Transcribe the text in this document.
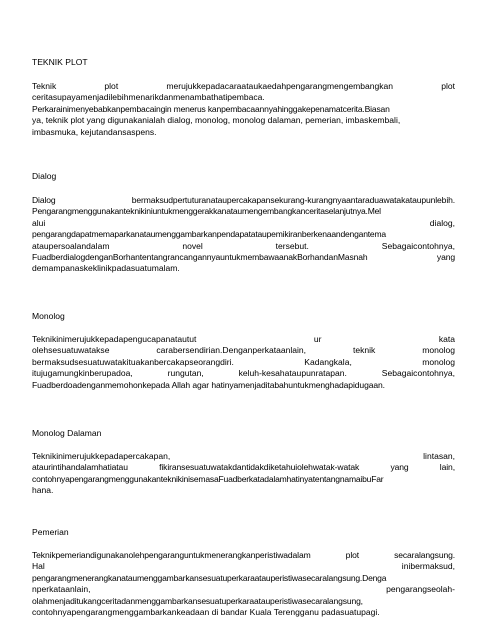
TEKNIK PLOT
Teknik plot merujukkepadacaraataukaedahpengarangmengembangkan plot
ceritasupayamenjadilebihmenarikdanmenambathatipembaca.
Perkarainimenyebabkanpembacaingin menerus kanpembacaannyahinggakepenamatcerita.Biasan
ya, teknik plot yang digunakanialah dialog, monolog, monolog dalaman, pemerian, imbaskembali,
imbasmuka, kejutandansaspens.
Dialog
Dialog bermaksudpertuturanataupercakapansekurang-kurangnyaantaraduawatakataupunlebih.
Pengarangmenggunakanteknikiniuntukmenggerakkanataumengembangkanceritaselanjutnya.Mel
alui dialog,
pengarangdapatmemaparkanataumenggambarkanpendapatataupemikiranberkenaandengantema
ataupersoalandalam novel tersebut. Sebagaicontohnya,
FuadberdialogdenganBorhantentangrancangannyauntukmembawaanakBorhandanMasnah yang
demampanaskeklinikpadasuatumalam.
Monolog
Teknikinimerujukkepadapengucapanatautut ur kata
olehsesuatuwatakse carabersendirian.Denganperkataanlain, teknik monolog
bermaksudsesuatuwatakituakanbercakapseorangdiri. Kadangkala, monolog
itujugamungkinberupadoa, rungutan, keluh-kesahataupunratapan. Sebagaicontohnya,
Fuadberdoadenganmemohonkepada Allah agar hatinyamenjaditabahuntukmenghadapidugaan.
Monolog Dalaman
Teknikinimerujukkepadapercakapan, lintasan,
ataurintihandalamhatiatau fikiransesuatuwatakdantidakdiketahuiolehwatak-watak yang lain,
contohnyapengarangmenggunakanteknikinisemasaFuadberkatadalamhatinyatentangnamaibuFar
hana.
Pemerian
Teknikpemeriandigunakanolehpengaranguntukmenerangkanperistiwadalam plot secaralangsung.
Hal inibermaksud,
pengarangmenerangkanataumenggambarkansesuatuperkaraatauperistiwasecaralangsung.Denga
nperkataanlain, pengarangseolah-
olahmenjaditukangceritadanmenggambarkansesuatuperkaraatauperistiwasecaralangsung,
contohnyapengarangmenggambarkankeadaan di bandar Kuala Terengganu padasuatupagi.
